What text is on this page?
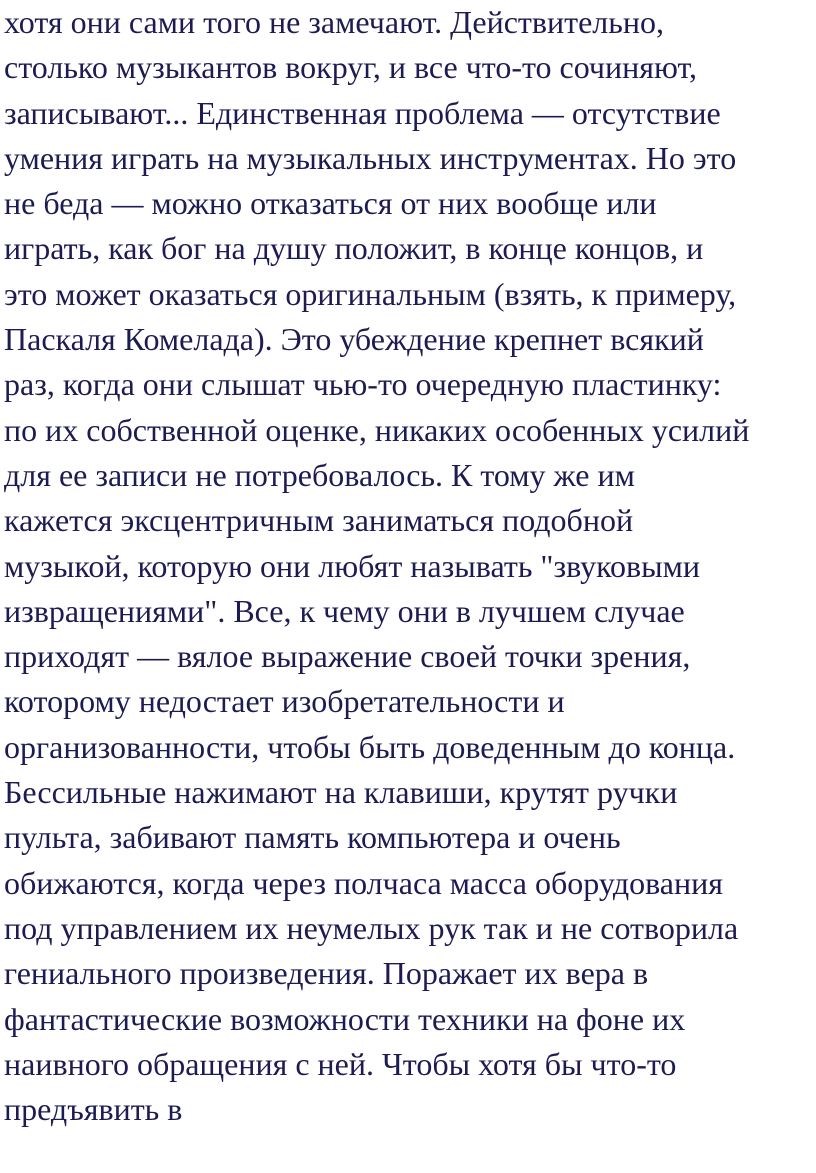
хотя они сами того не замечают. Действительно,
столько музыкантов вокруг, и все что-то сочиняют,
записывают... Единственная проблема — отсутствие
умения играть на музыкальных инструментах. Но это
не беда — можно отказаться от них вообще или
играть, как бог на душу положит, в конце концов, и
это может оказаться оригинальным (взять, к примеру,
Паскаля Комелада). Это убеждение крепнет всякий
раз, когда они слышат чью-то очередную пластинку:
по их собственной оценке, никаких особенных усилий
для ее записи не потребовалось. К тому же им
кажется эксцентричным заниматься подобной
музыкой, которую они любят называть "звуковыми
извращениями". Все, к чему они в лучшем случае
приходят — вялое выражение своей точки зрения,
которому недостает изобретательности и
организованности, чтобы быть доведенным до конца.
Бессильные нажимают на клавиши, крутят ручки
пульта, забивают память компьютера и очень
обижаются, когда через полчаса масса оборудования
под управлением их неумелых рук так и не сотворила
гениального произведения. Поражает их вера в
фантастические возможности техники на фоне их
наивного обращения с ней. Чтобы хотя бы что-то
предъявить в
